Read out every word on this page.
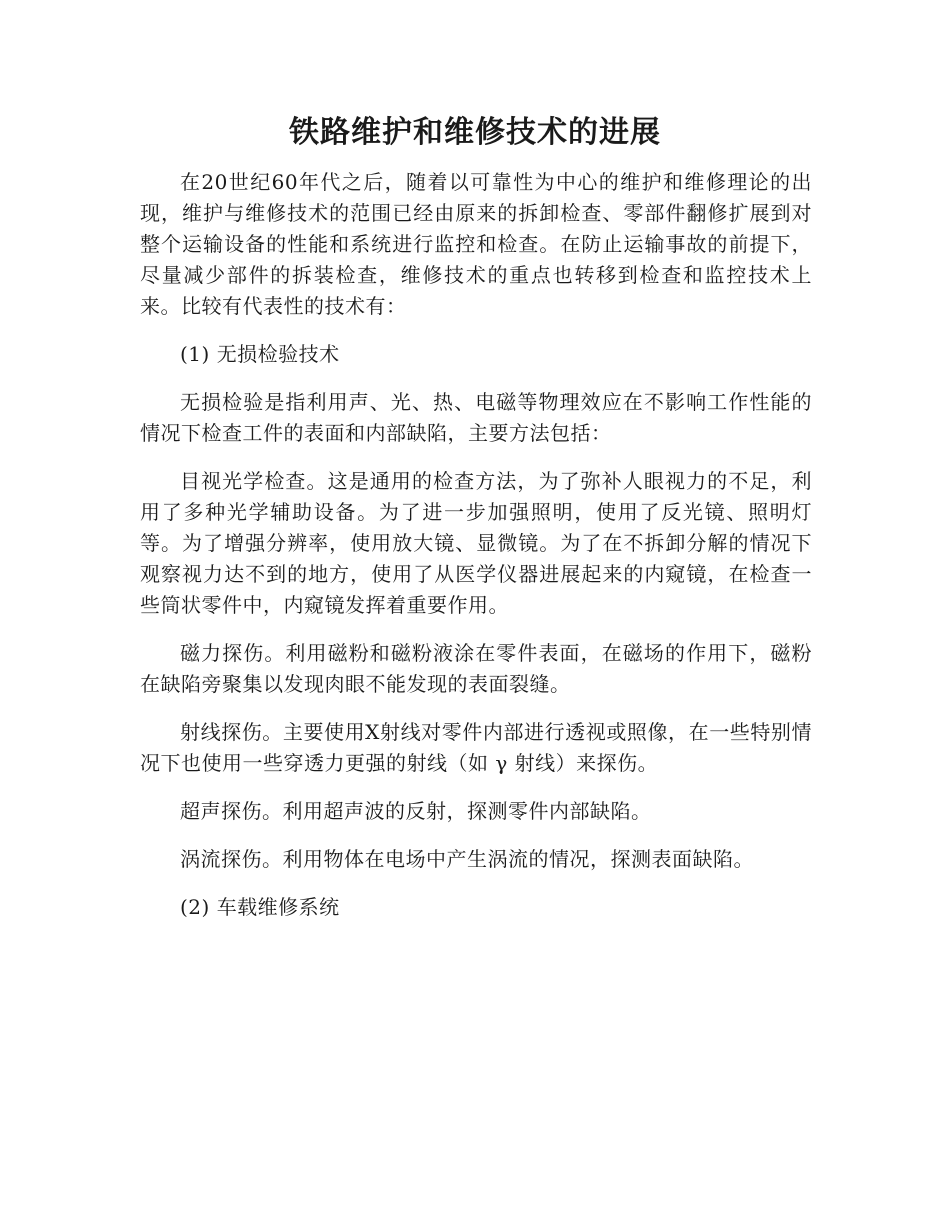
铁路维护和维修技术的进展

在20世纪60年代之后，随着以可靠性为中心的维护和维修理论的出现，维护与维修技术的范围已经由原来的拆卸检查、零部件翻修扩展到对整个运输设备的性能和系统进行监控和检查。在防止运输事故的前提下，尽量减少部件的拆装检查，维修技术的重点也转移到检查和监控技术上来。比较有代表性的技术有：

(1) 无损检验技术

无损检验是指利用声、光、热、电磁等物理效应在不影响工作性能的情况下检查工件的表面和内部缺陷，主要方法包括：

目视光学检查。这是通用的检查方法，为了弥补人眼视力的不足，利用了多种光学辅助设备。为了进一步加强照明，使用了反光镜、照明灯等。为了增强分辨率，使用放大镜、显微镜。为了在不拆卸分解的情况下观察视力达不到的地方，使用了从医学仪器进展起来的内窥镜，在检查一些筒状零件中，内窥镜发挥着重要作用。

磁力探伤。利用磁粉和磁粉液涂在零件表面，在磁场的作用下，磁粉在缺陷旁聚集以发现肉眼不能发现的表面裂缝。

射线探伤。主要使用X射线对零件内部进行透视或照像，在一些特别情况下也使用一些穿透力更强的射线（如 γ 射线）来探伤。

超声探伤。利用超声波的反射，探测零件内部缺陷。

涡流探伤。利用物体在电场中产生涡流的情况，探测表面缺陷。

(2) 车载维修系统
